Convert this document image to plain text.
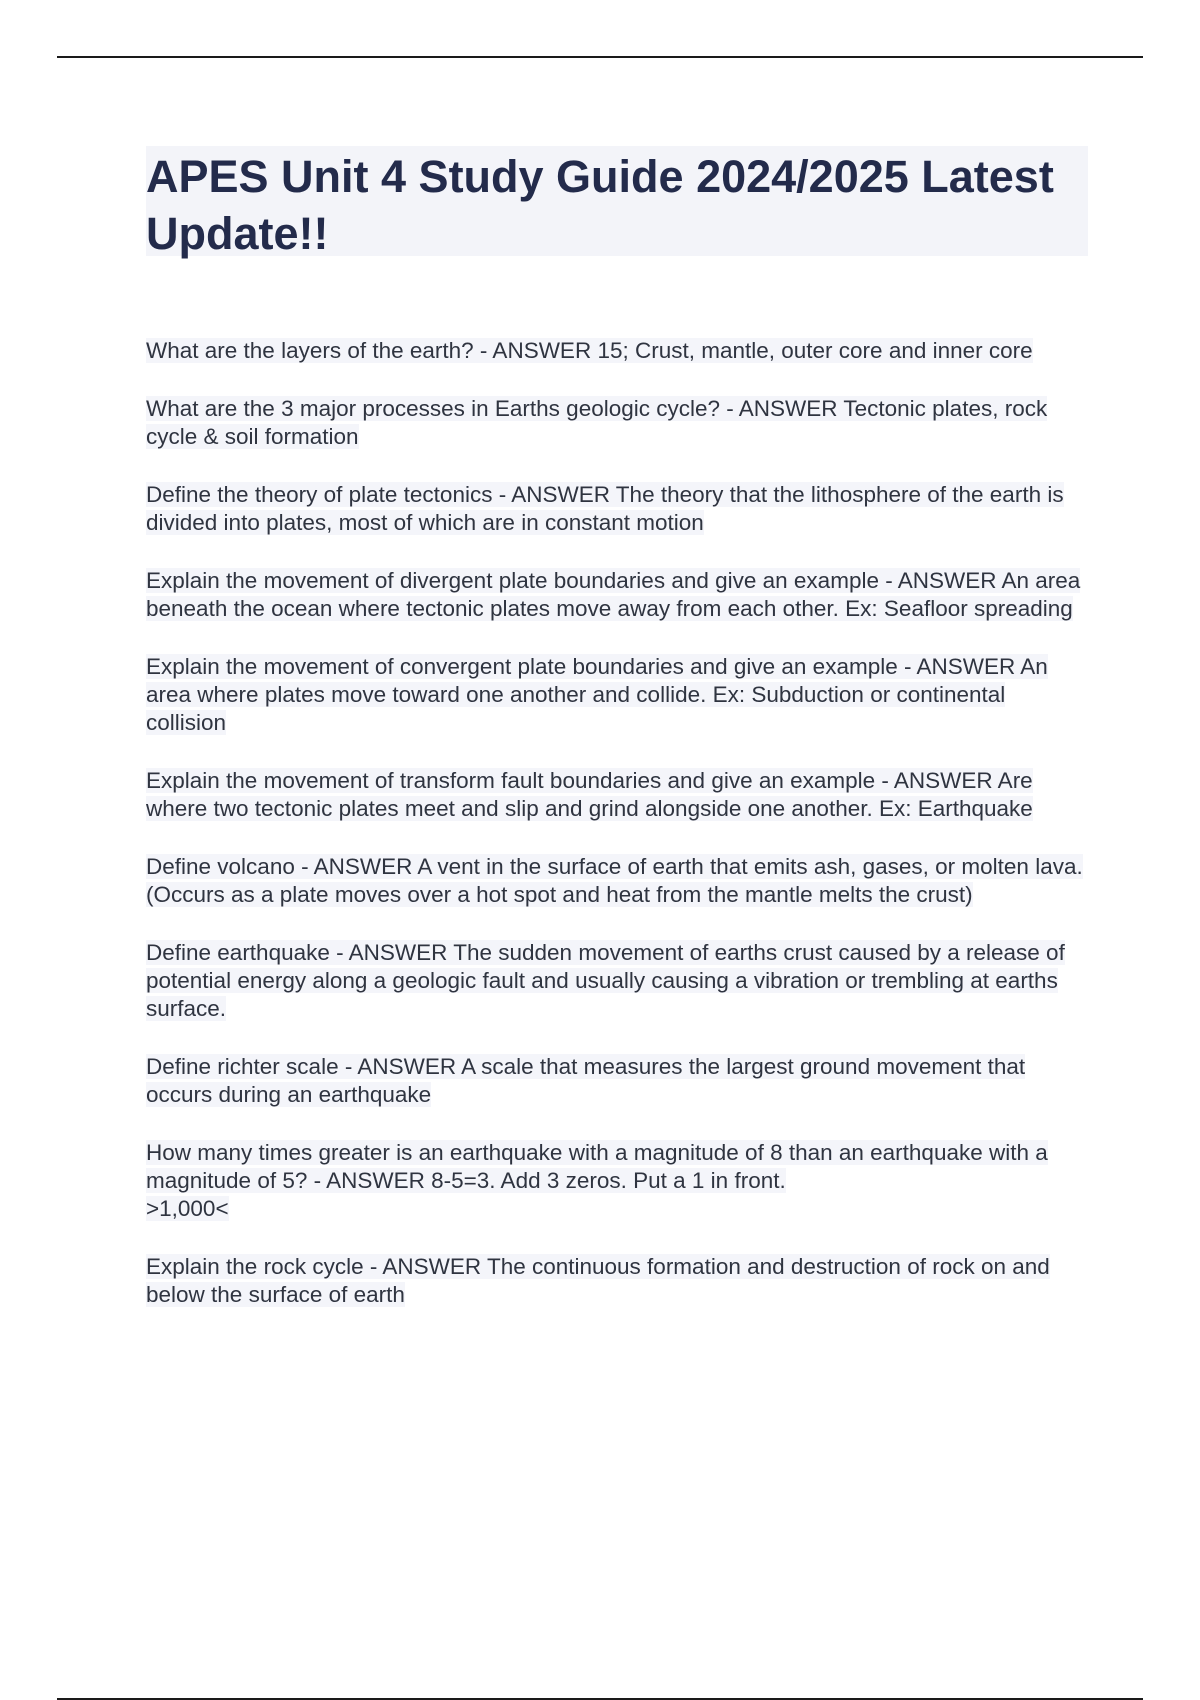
APES Unit 4 Study Guide 2024/2025 Latest Update!!
What are the layers of the earth? - ANSWER 15; Crust, mantle, outer core and inner core
What are the 3 major processes in Earths geologic cycle? - ANSWER Tectonic plates, rock cycle & soil formation
Define the theory of plate tectonics - ANSWER The theory that the lithosphere of the earth is divided into plates, most of which are in constant motion
Explain the movement of divergent plate boundaries and give an example - ANSWER An area beneath the ocean where tectonic plates move away from each other. Ex: Seafloor spreading
Explain the movement of convergent plate boundaries and give an example - ANSWER An area where plates move toward one another and collide. Ex: Subduction or continental collision
Explain the movement of transform fault boundaries and give an example - ANSWER Are where two tectonic plates meet and slip and grind alongside one another. Ex: Earthquake
Define volcano - ANSWER A vent in the surface of earth that emits ash, gases, or molten lava. (Occurs as a plate moves over a hot spot and heat from the mantle melts the crust)
Define earthquake - ANSWER The sudden movement of earths crust caused by a release of potential energy along a geologic fault and usually causing a vibration or trembling at earths surface.
Define richter scale - ANSWER A scale that measures the largest ground movement that occurs during an earthquake
How many times greater is an earthquake with a magnitude of 8 than an earthquake with a magnitude of 5? - ANSWER 8-5=3. Add 3 zeros. Put a 1 in front.
>1,000<
Explain the rock cycle - ANSWER The continuous formation and destruction of rock on and below the surface of earth
